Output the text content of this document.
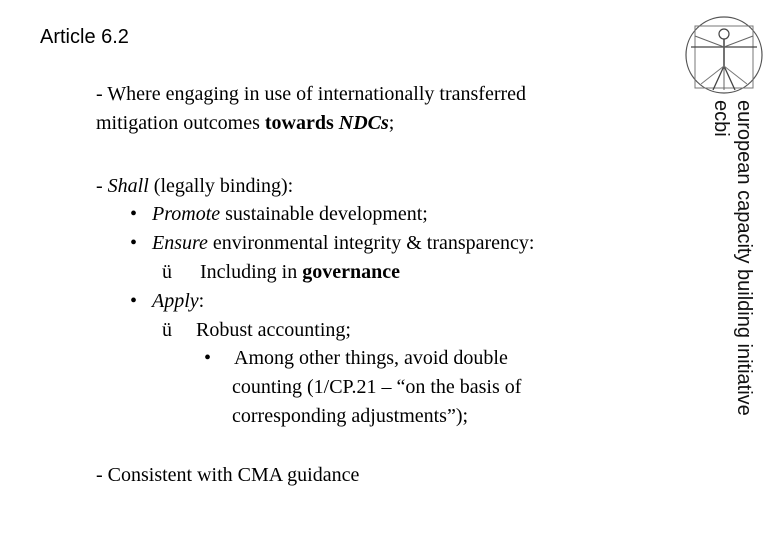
Article 6.2
european capacity building initiative
ecbi
- Where engaging in use of internationally transferred
mitigation outcomes towards NDCs;
- Shall (legally binding):
• Promote sustainable development;
• Ensure environmental integrity & transparency:
ü Including in governance
• Apply:
ü Robust accounting;
• Among other things, avoid double
counting (1/CP.21 – “on the basis of
corresponding adjustments”);
- Consistent with CMA guidance
